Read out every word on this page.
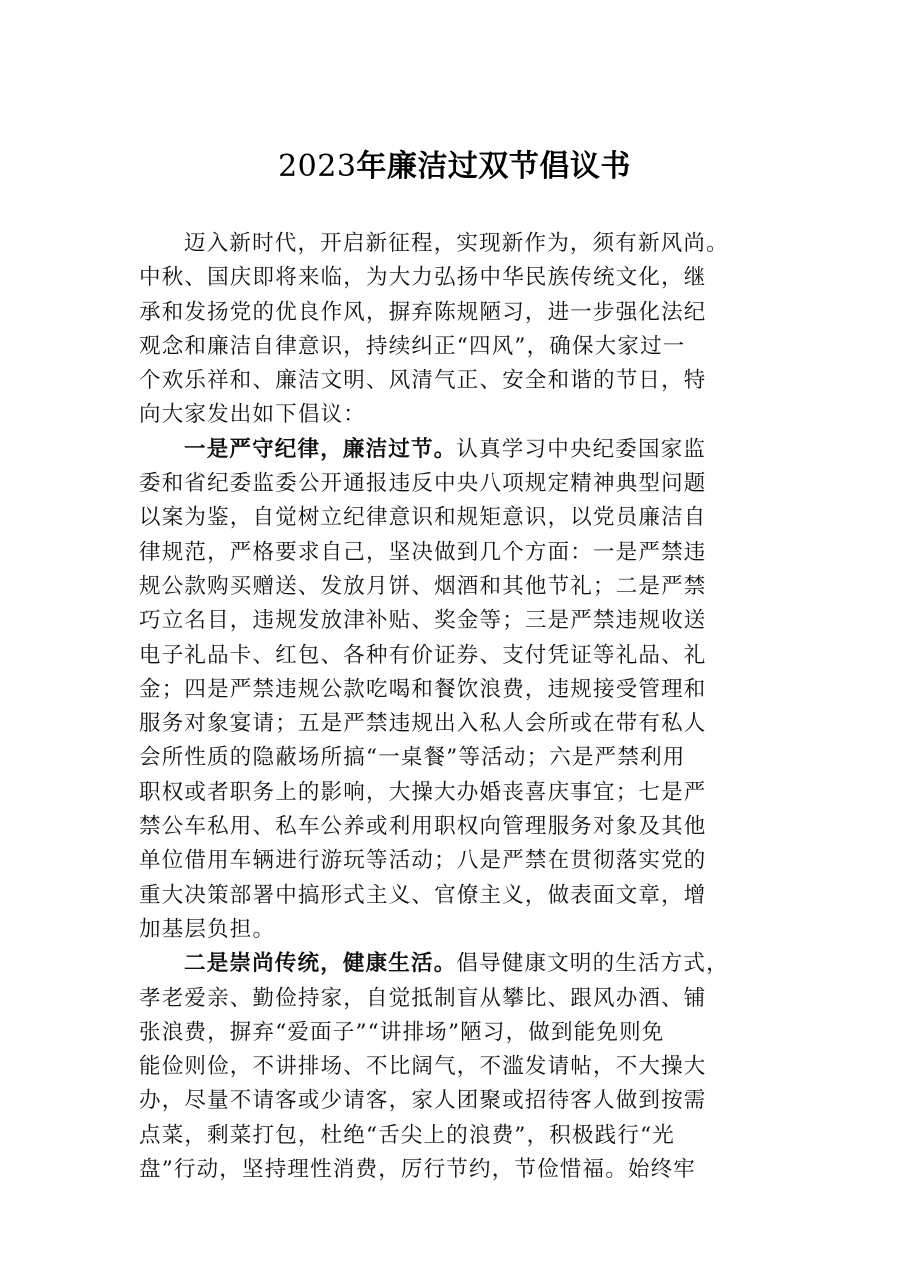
2023年廉洁过双节倡议书
迈入新时代，开启新征程，实现新作为，须有新风尚。
中秋、国庆即将来临，为大力弘扬中华民族传统文化，继
承和发扬党的优良作风，摒弃陈规陋习，进一步强化法纪
观念和廉洁自律意识，持续纠正“四风”，确保大家过一
个欢乐祥和、廉洁文明、风清气正、安全和谐的节日，特
向大家发出如下倡议：
一是严守纪律，廉洁过节。认真学习中央纪委国家监
委和省纪委监委公开通报违反中央八项规定精神典型问题
以案为鉴，自觉树立纪律意识和规矩意识，以党员廉洁自
律规范，严格要求自己，坚决做到几个方面：一是严禁违
规公款购买赠送、发放月饼、烟酒和其他节礼；二是严禁
巧立名目，违规发放津补贴、奖金等；三是严禁违规收送
电子礼品卡、红包、各种有价证券、支付凭证等礼品、礼
金；四是严禁违规公款吃喝和餐饮浪费，违规接受管理和
服务对象宴请；五是严禁违规出入私人会所或在带有私人
会所性质的隐蔽场所搞“一桌餐”等活动；六是严禁利用
职权或者职务上的影响，大操大办婚丧喜庆事宜；七是严
禁公车私用、私车公养或利用职权向管理服务对象及其他
单位借用车辆进行游玩等活动；八是严禁在贯彻落实党的
重大决策部署中搞形式主义、官僚主义，做表面文章，增
加基层负担。
二是崇尚传统，健康生活。倡导健康文明的生活方式，
孝老爱亲、勤俭持家，自觉抵制盲从攀比、跟风办酒、铺
张浪费，摒弃“爱面子”“讲排场”陋习，做到能免则免
能俭则俭，不讲排场、不比阔气，不滥发请帖，不大操大
办，尽量不请客或少请客，家人团聚或招待客人做到按需
点菜，剩菜打包，杜绝“舌尖上的浪费”，积极践行“光
盘”行动，坚持理性消费，厉行节约，节俭惜福。始终牢
